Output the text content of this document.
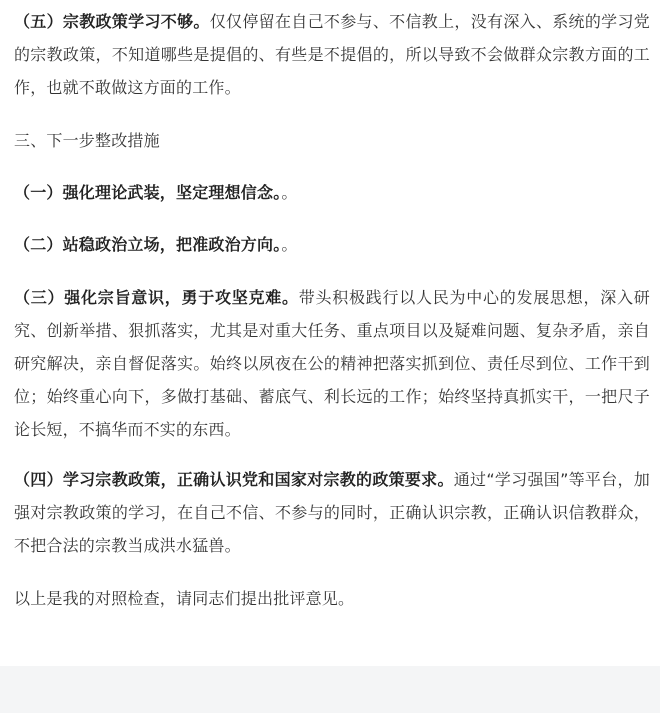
（五）宗教政策学习不够。仅仅停留在自己不参与、不信教上，没有深入、系统的学习党的宗教政策，不知道哪些是提倡的、有些是不提倡的，所以导致不会做群众宗教方面的工作，也就不敢做这方面的工作。

三、下一步整改措施

（一）强化理论武装，坚定理想信念。。

（二）站稳政治立场，把准政治方向。。

（三）强化宗旨意识，勇于攻坚克难。带头积极践行以人民为中心的发展思想，深入研究、创新举措、狠抓落实，尤其是对重大任务、重点项目以及疑难问题、复杂矛盾，亲自研究解决，亲自督促落实。始终以夙夜在公的精神把落实抓到位、责任尽到位、工作干到位；始终重心向下，多做打基础、蓄底气、利长远的工作；始终坚持真抓实干，一把尺子论长短，不搞华而不实的东西。

（四）学习宗教政策，正确认识党和国家对宗教的政策要求。通过“学习强国”等平台，加强对宗教政策的学习，在自己不信、不参与的同时，正确认识宗教，正确认识信教群众，不把合法的宗教当成洪水猛兽。

以上是我的对照检查，请同志们提出批评意见。
